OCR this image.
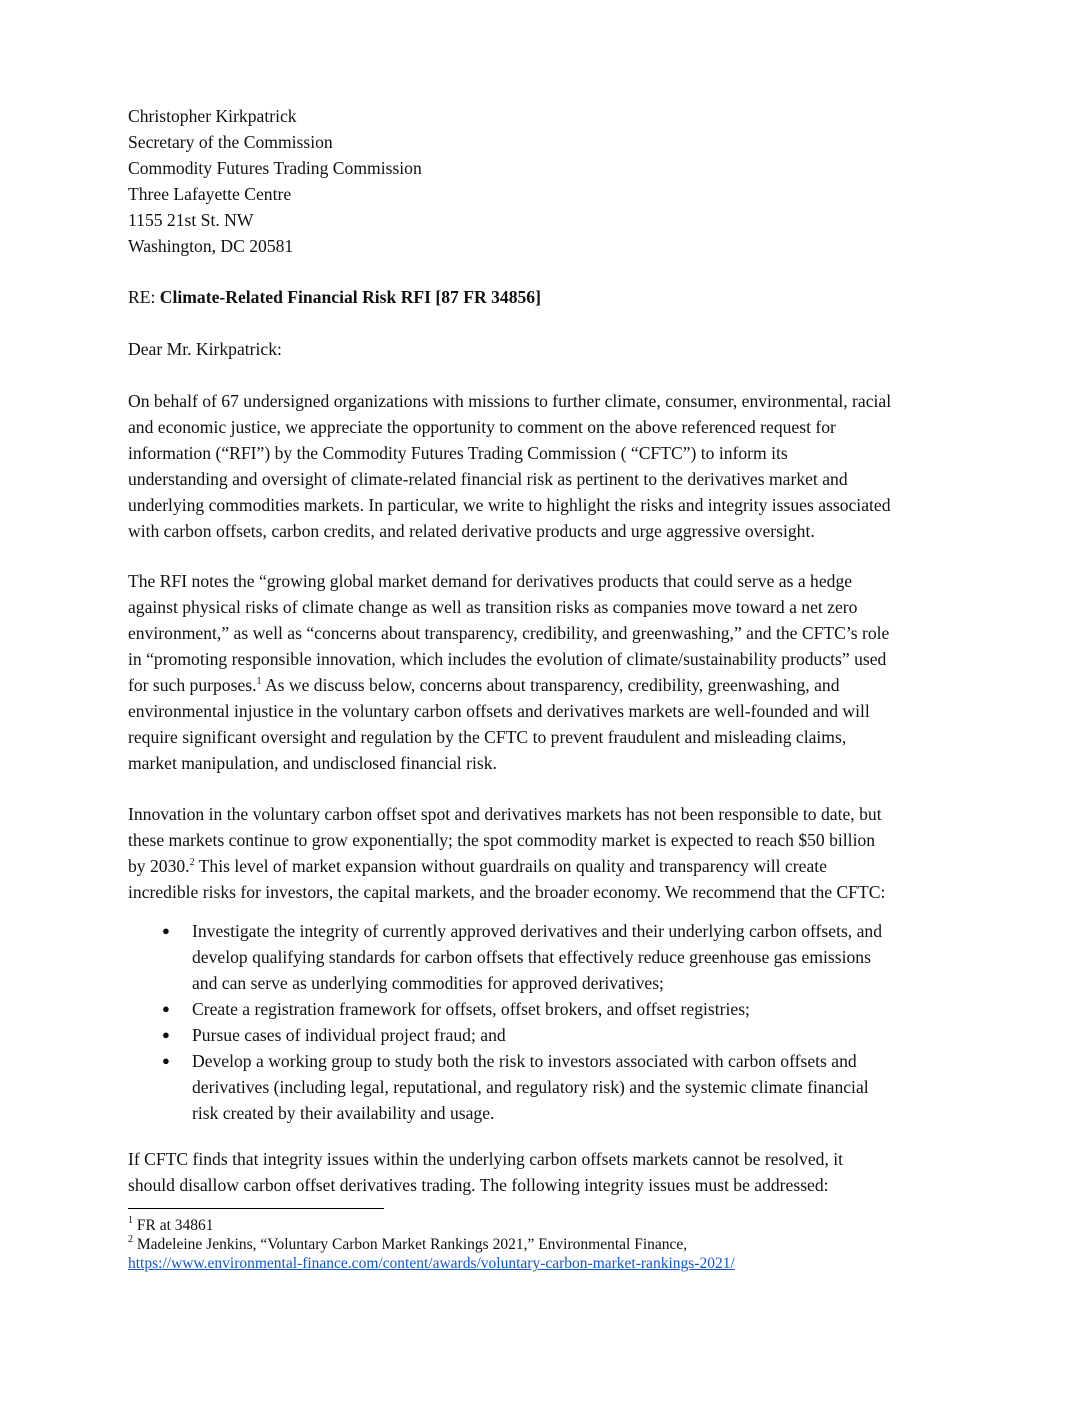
Christopher Kirkpatrick
Secretary of the Commission
Commodity Futures Trading Commission
Three Lafayette Centre
1155 21st St. NW
Washington, DC 20581
RE: Climate-Related Financial Risk RFI [87 FR 34856]
Dear Mr. Kirkpatrick:
On behalf of 67 undersigned organizations with missions to further climate, consumer, environmental, racial
and economic justice, we appreciate the opportunity to comment on the above referenced request for
information (“RFI”) by the Commodity Futures Trading Commission ( “CFTC”) to inform its
understanding and oversight of climate-related financial risk as pertinent to the derivatives market and
underlying commodities markets. In particular, we write to highlight the risks and integrity issues associated
with carbon offsets, carbon credits, and related derivative products and urge aggressive oversight.
The RFI notes the “growing global market demand for derivatives products that could serve as a hedge
against physical risks of climate change as well as transition risks as companies move toward a net zero
environment,” as well as “concerns about transparency, credibility, and greenwashing,” and the CFTC’s role
in “promoting responsible innovation, which includes the evolution of climate/sustainability products” used
for such purposes.$^1$ As we discuss below, concerns about transparency, credibility, greenwashing, and
environmental injustice in the voluntary carbon offsets and derivatives markets are well-founded and will
require significant oversight and regulation by the CFTC to prevent fraudulent and misleading claims,
market manipulation, and undisclosed financial risk.
Innovation in the voluntary carbon offset spot and derivatives markets has not been responsible to date, but
these markets continue to grow exponentially; the spot commodity market is expected to reach $50 billion
by 2030.$^2$ This level of market expansion without guardrails on quality and transparency will create
incredible risks for investors, the capital markets, and the broader economy. We recommend that the CFTC:
● Investigate the integrity of currently approved derivatives and their underlying carbon offsets, and
develop qualifying standards for carbon offsets that effectively reduce greenhouse gas emissions
and can serve as underlying commodities for approved derivatives;
● Create a registration framework for offsets, offset brokers, and offset registries;
● Pursue cases of individual project fraud; and
● Develop a working group to study both the risk to investors associated with carbon offsets and
derivatives (including legal, reputational, and regulatory risk) and the systemic climate financial
risk created by their availability and usage.
If CFTC finds that integrity issues within the underlying carbon offsets markets cannot be resolved, it
should disallow carbon offset derivatives trading. The following integrity issues must be addressed:
$^1$ FR at 34861
$^2$ Madeleine Jenkins, “Voluntary Carbon Market Rankings 2021,” Environmental Finance,
https://www.environmental-finance.com/content/awards/voluntary-carbon-market-rankings-2021/
